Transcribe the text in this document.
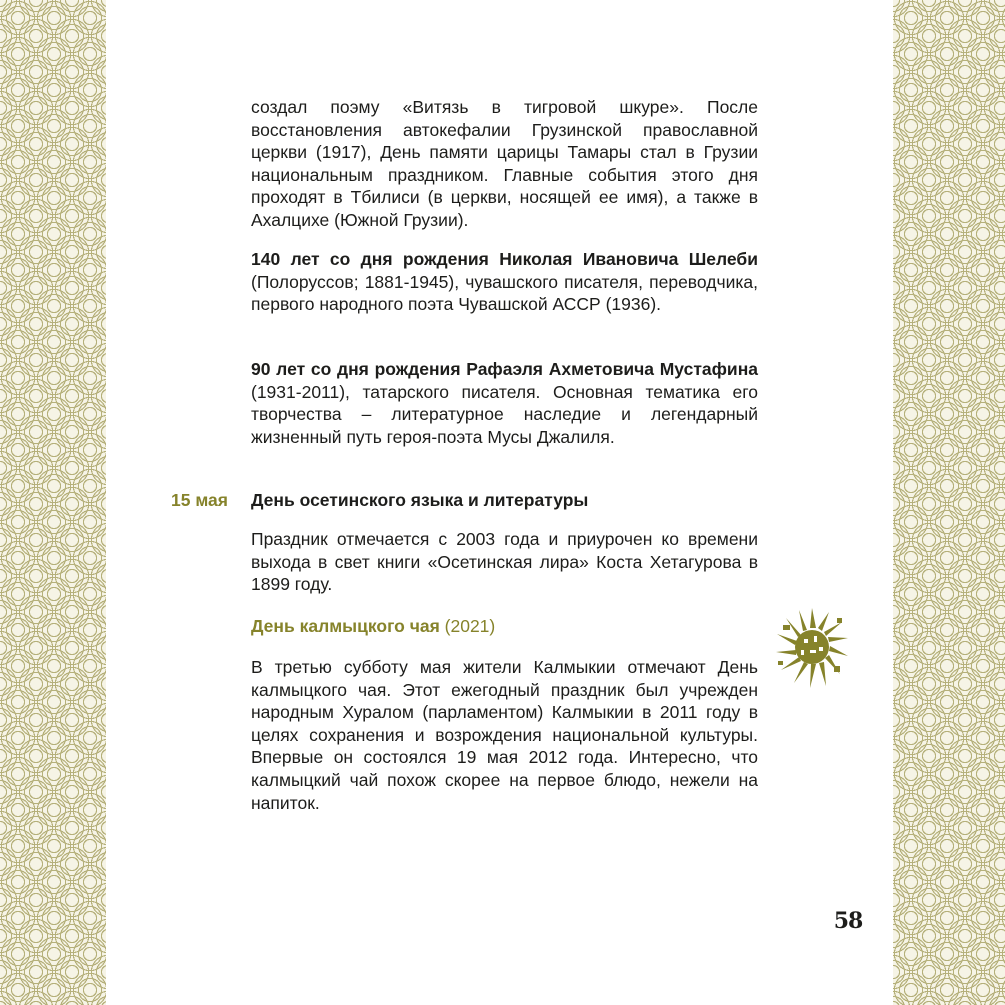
создал поэму «Витязь в тигровой шкуре». После восстановления автокефалии Грузинской православной церкви (1917), День памяти царицы Тамары стал в Грузии национальным праздником. Главные события этого дня проходят в Тбилиси (в церкви, носящей ее имя), а также в Ахалцихе (Южной Грузии).

140 лет со дня рождения Николая Ивановича Шелеби (Полоруссов; 1881-1945), чувашского писателя, переводчика, первого народного поэта Чувашской АССР (1936).

90 лет со дня рождения Рафаэля Ахметовича Мустафина (1931-2011), татарского писателя. Основная тематика его творчества – литературное наследие и легендарный жизненный путь героя-поэта Мусы Джалиля.

15 мая День осетинского языка и литературы

Праздник отмечается с 2003 года и приурочен ко времени выхода в свет книги «Осетинская лира» Коста Хетагурова в 1899 году.

День калмыцкого чая (2021)

В третью субботу мая жители Калмыкии отмечают День калмыцкого чая. Этот ежегодный праздник был учрежден народным Хуралом (парламентом) Калмыкии в 2011 году в целях сохранения и возрождения национальной культуры. Впервые он состоялся 19 мая 2012 года. Интересно, что калмыцкий чай похож скорее на первое блюдо, нежели на напиток.

58
